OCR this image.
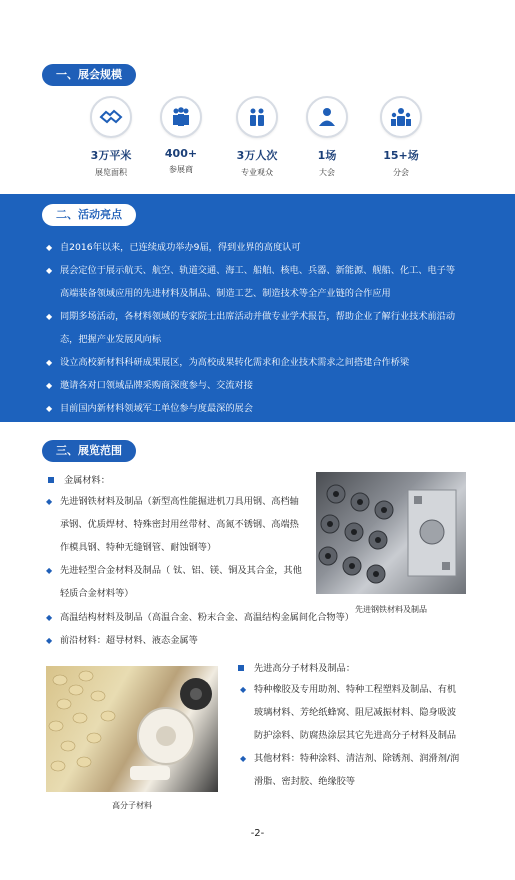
一、展会规模
3万平米
展览面积
400+
参展商
3万人次
专业观众
1场
大会
15+场
分会
二、活动亮点
◆ 自2016年以来，已连续成功举办9届，得到业界的高度认可
◆ 展会定位于展示航天、航空、轨道交通、海工、船舶、核电、兵器、新能源、舰船、化工、电子等
高端装备领域应用的先进材料及制品、制造工艺、制造技术等全产业链的合作应用
◆ 同期多场活动，各材料领域的专家院士出席活动并做专业学术报告，帮助企业了解行业技术前沿动
态，把握产业发展风向标
◆ 设立高校新材料科研成果展区，为高校成果转化需求和企业技术需求之间搭建合作桥梁
◆ 邀请各对口领域品牌采购商深度参与、交流对接
◆ 目前国内新材料领域军工单位参与度最深的展会
三、展览范围
金属材料：
◆ 先进钢铁材料及制品（新型高性能掘进机刀具用钢、高档轴
承钢、优质焊材、特殊密封用丝带材、高氮不锈钢、高端热
作模具钢、特种无缝钢管、耐蚀钢等）
◆ 先进轻型合金材料及制品（ 钛、铝、镁、铜及其合金，其他
轻质合金材料等）
◆ 高温结构材料及制品（高温合金、粉末合金、高温结构金属间化合物等）
◆ 前沿材料：超导材料、液态金属等
先进钢铁材料及制品
先进高分子材料及制品：
◆ 特种橡胶及专用助剂、特种工程塑料及制品、有机
玻璃材料、芳纶纸蜂窝、阻尼减振材料、隐身吸波
防护涂料、防腐热涂层其它先进高分子材料及制品
◆ 其他材料：特种涂料、清洁剂、除锈剂、润滑剂/润
滑脂、密封胶、绝缘胶等
高分子材料
-2-
